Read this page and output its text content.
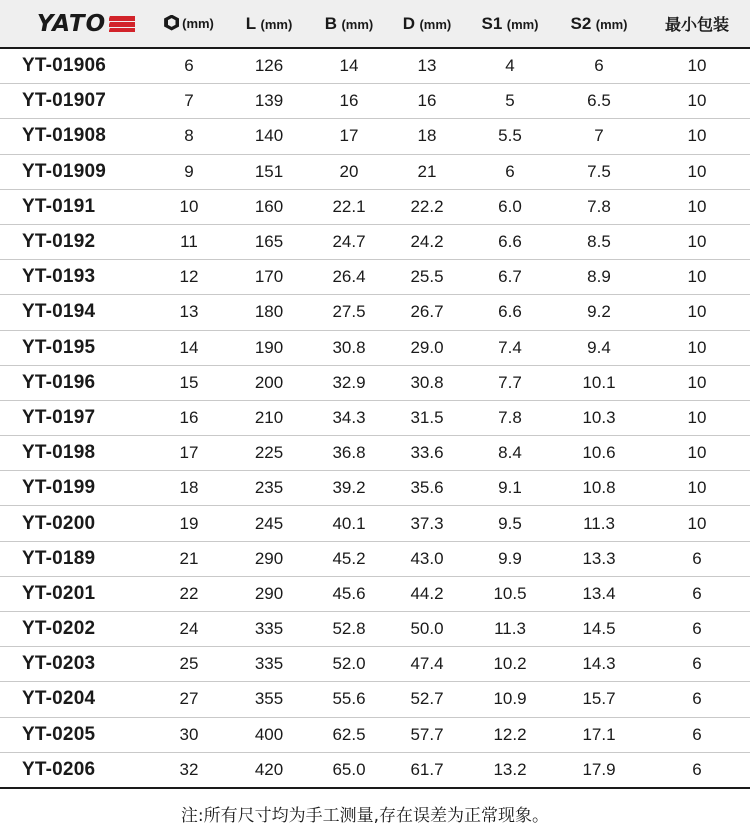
YATO	(mm)	L (mm)	B (mm)	D (mm)	S1 (mm)	S2 (mm)	最小包装
YT-01906	6	126	14	13	4	6	10
YT-01907	7	139	16	16	5	6.5	10
YT-01908	8	140	17	18	5.5	7	10
YT-01909	9	151	20	21	6	7.5	10
YT-0191	10	160	22.1	22.2	6.0	7.8	10
YT-0192	11	165	24.7	24.2	6.6	8.5	10
YT-0193	12	170	26.4	25.5	6.7	8.9	10
YT-0194	13	180	27.5	26.7	6.6	9.2	10
YT-0195	14	190	30.8	29.0	7.4	9.4	10
YT-0196	15	200	32.9	30.8	7.7	10.1	10
YT-0197	16	210	34.3	31.5	7.8	10.3	10
YT-0198	17	225	36.8	33.6	8.4	10.6	10
YT-0199	18	235	39.2	35.6	9.1	10.8	10
YT-0200	19	245	40.1	37.3	9.5	11.3	10
YT-0189	21	290	45.2	43.0	9.9	13.3	6
YT-0201	22	290	45.6	44.2	10.5	13.4	6
YT-0202	24	335	52.8	50.0	11.3	14.5	6
YT-0203	25	335	52.0	47.4	10.2	14.3	6
YT-0204	27	355	55.6	52.7	10.9	15.7	6
YT-0205	30	400	62.5	57.7	12.2	17.1	6
YT-0206	32	420	65.0	61.7	13.2	17.9	6
注:所有尺寸均为手工测量,存在误差为正常现象。
